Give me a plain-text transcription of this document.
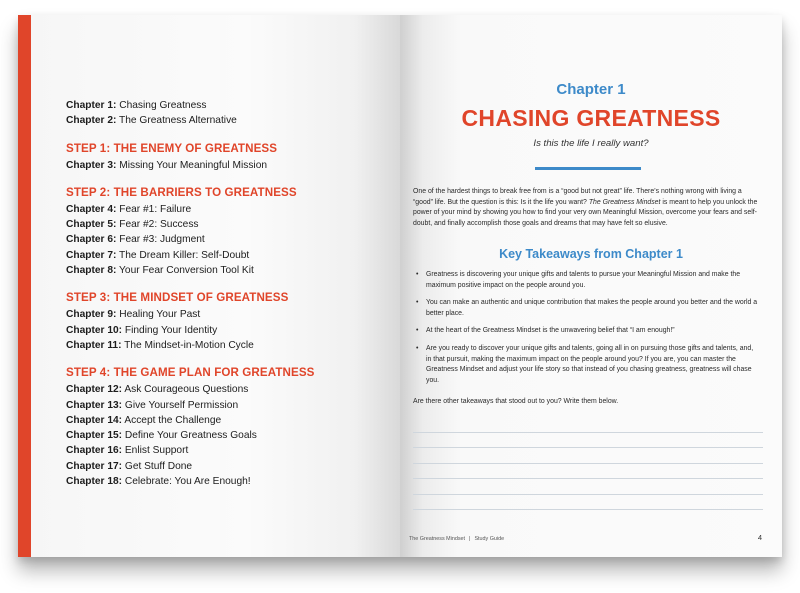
Chapter 1: Chasing Greatness
Chapter 2: The Greatness Alternative
STEP 1: THE ENEMY OF GREATNESS
Chapter 3: Missing Your Meaningful Mission
STEP 2: THE BARRIERS TO GREATNESS
Chapter 4: Fear #1: Failure
Chapter 5: Fear #2: Success
Chapter 6: Fear #3: Judgment
Chapter 7: The Dream Killer: Self-Doubt
Chapter 8: Your Fear Conversion Tool Kit
STEP 3: THE MINDSET OF GREATNESS
Chapter 9: Healing Your Past
Chapter 10: Finding Your Identity
Chapter 11: The Mindset-in-Motion Cycle
STEP 4: THE GAME PLAN FOR GREATNESS
Chapter 12: Ask Courageous Questions
Chapter 13: Give Yourself Permission
Chapter 14: Accept the Challenge
Chapter 15: Define Your Greatness Goals
Chapter 16: Enlist Support
Chapter 17: Get Stuff Done
Chapter 18: Celebrate: You Are Enough!
Chapter 1
CHASING GREATNESS
Is this the life I really want?

One of the hardest things to break free from is a “good but not great” life. There’s nothing wrong with living a “good” life. But the question is this: Is it the life you want? The Greatness Mindset is meant to help you unlock the power of your mind by showing you how to find your very own Meaningful Mission, overcome your fears and self-doubt, and finally accomplish those goals and dreams that may have felt so elusive.

Key Takeaways from Chapter 1
• Greatness is discovering your unique gifts and talents to pursue your Meaningful Mission and make the maximum positive impact on the people around you.
• You can make an authentic and unique contribution that makes the people around you better and the world a better place.
• At the heart of the Greatness Mindset is the unwavering belief that “I am enough!”
• Are you ready to discover your unique gifts and talents, going all in on pursuing those gifts and talents, and, in that pursuit, making the maximum impact on the people around you? If you are, you can master the Greatness Mindset and adjust your life story so that instead of you chasing greatness, greatness will chase you.

Are there other takeaways that stood out to you? Write them below.

The Greatness Mindset | Study Guide	4
